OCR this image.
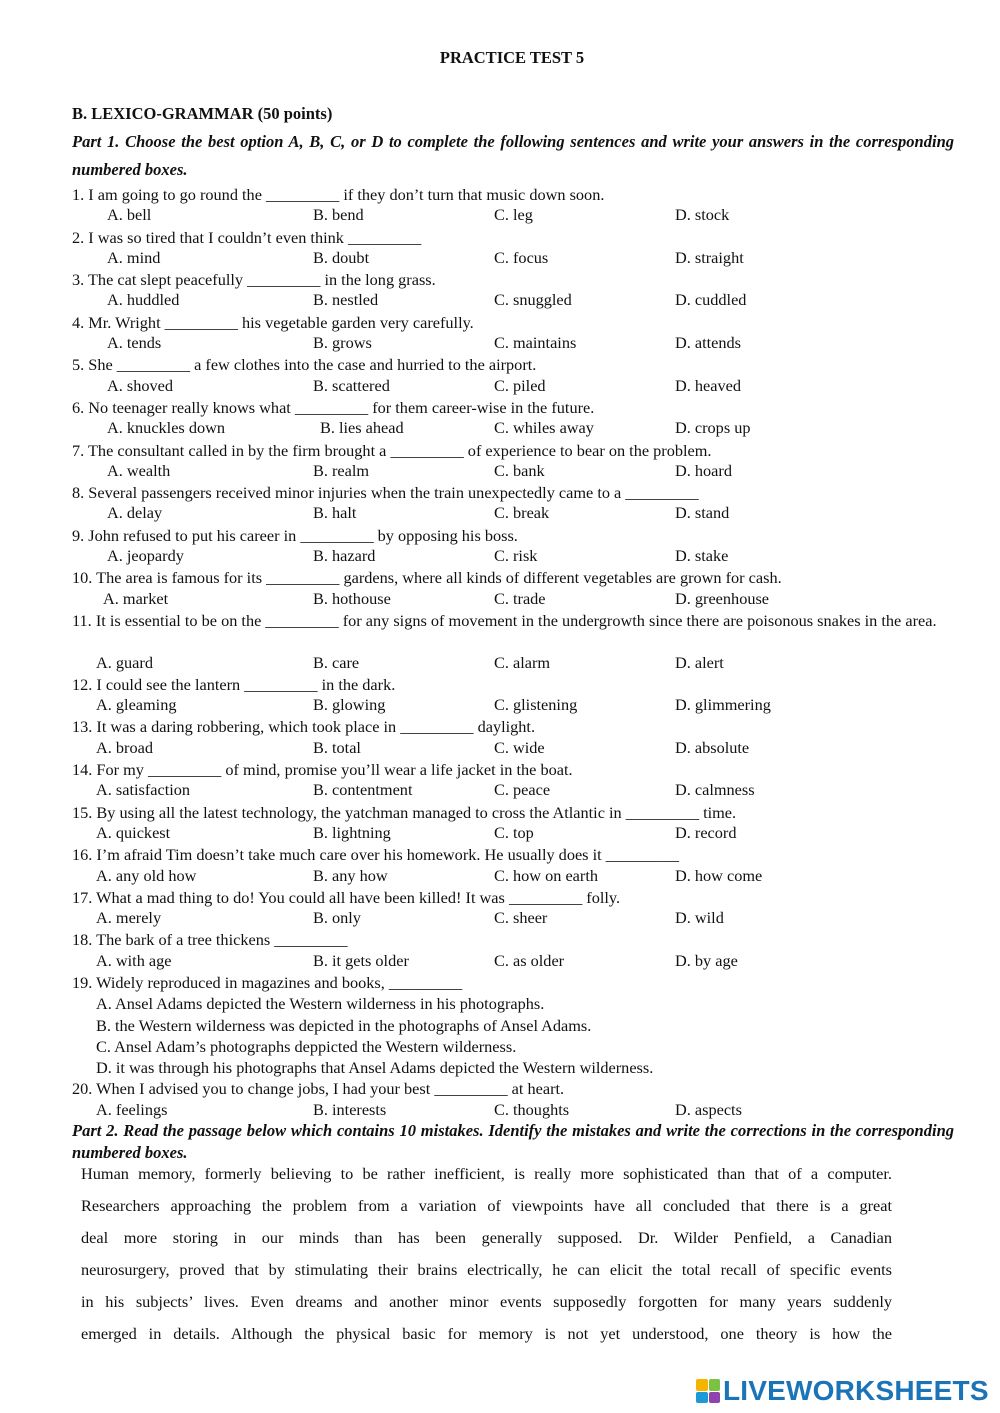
PRACTICE TEST 5
B. LEXICO-GRAMMAR (50 points)
Part 1. Choose the best option A, B, C, or D to complete the following sentences and write your answers in the corresponding numbered boxes.
1. I am going to go round the _________ if they don’t turn that music down soon.
A. bell	B. bend	C. leg	D. stock
2. I was so tired that I couldn’t even think _________
A. mind	B. doubt	C. focus	D. straight
3. The cat slept peacefully _________ in the long grass.
A. huddled	B. nestled	C. snuggled	D. cuddled
4. Mr. Wright _________ his vegetable garden very carefully.
A. tends	B. grows	C. maintains	D. attends
5. She _________ a few clothes into the case and hurried to the airport.
A. shoved	B. scattered	C. piled	D. heaved
6. No teenager really knows what _________ for them career-wise in the future.
A. knuckles down	B. lies ahead	C. whiles away	D. crops up
7. The consultant called in by the firm brought a _________ of experience to bear on the problem.
A. wealth	B. realm	C. bank	D. hoard
8. Several passengers received minor injuries when the train unexpectedly came to a _________
A. delay	B. halt	C. break	D. stand
9. John refused to put his career in _________ by opposing his boss.
A. jeopardy	B. hazard	C. risk	D. stake
10. The area is famous for its _________ gardens, where all kinds of different vegetables are grown for cash.
A. market	B. hothouse	C. trade	D. greenhouse
11. It is essential to be on the _________ for any signs of movement in the undergrowth since there are poisonous snakes in the area.
A. guard	B. care	C. alarm	D. alert
12. I could see the lantern _________ in the dark.
A. gleaming	B. glowing	C. glistening	D. glimmering
13. It was a daring robbering, which took place in _________ daylight.
A. broad	B. total	C. wide	D. absolute
14. For my _________ of mind, promise you’ll wear a life jacket in the boat.
A. satisfaction	B. contentment	C. peace	D. calmness
15. By using all the latest technology, the yatchman managed to cross the Atlantic in _________ time.
A. quickest	B. lightning	C. top	D. record
16. I’m afraid Tim doesn’t take much care over his homework. He usually does it _________
A. any old how	B. any how	C. how on earth	D. how come
17. What a mad thing to do! You could all have been killed! It was _________ folly.
A. merely	B. only	C. sheer	D. wild
18. The bark of a tree thickens _________
A. with age	B. it gets older	C. as older	D. by age
19. Widely reproduced in magazines and books, _________
A. Ansel Adams depicted the Western wilderness in his photographs.
B. the Western wilderness was depicted in the photographs of Ansel Adams.
C. Ansel Adam’s photographs deppicted the Western wilderness.
D. it was through his photographs that Ansel Adams depicted the Western wilderness.
20. When I advised you to change jobs, I had your best _________ at heart.
A. feelings	B. interests	C. thoughts	D. aspects
Part 2. Read the passage below which contains 10 mistakes. Identify the mistakes and write the corrections in the corresponding numbered boxes.
Human memory, formerly believing to be rather inefficient, is really more sophisticated than that of a computer.
Researchers approaching the problem from a variation of viewpoints have all concluded that there is a great
deal more storing in our minds than has been generally supposed. Dr. Wilder Penfield, a Canadian
neurosurgery, proved that by stimulating their brains electrically, he can elicit the total recall of specific events
in his subjects’ lives. Even dreams and another minor events supposedly forgotten for many years suddenly
emerged in details. Although the physical basic for memory is not yet understood, one theory is how the
LIVEWORKSHEETS
